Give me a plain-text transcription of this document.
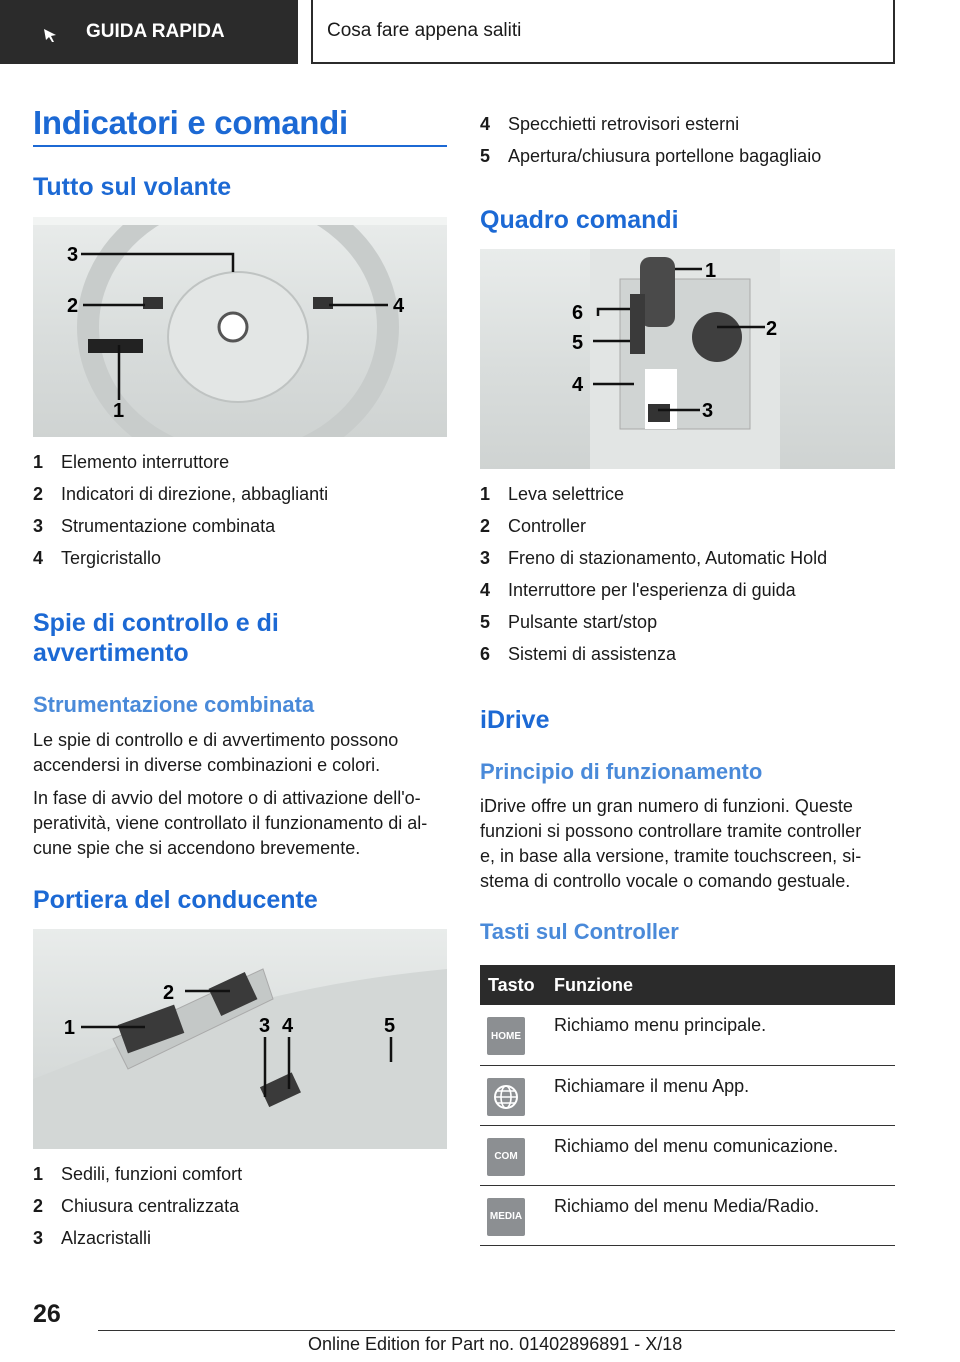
GUIDA RAPIDA	Cosa fare appena saliti
Indicatori e comandi
Tutto sul volante
3
2	4
1
1 Elemento interruttore
2 Indicatori di direzione, abbaglianti
3 Strumentazione combinata
4 Tergicristallo
Spie di controllo e di
avvertimento
Strumentazione combinata
Le spie di controllo e di avvertimento possono
accendersi in diverse combinazioni e colori.
In fase di avvio del motore o di attivazione dell'o-
peratività, viene controllato il funzionamento di al-
cune spie che si accendono brevemente.
Portiera del conducente
1
2
3 4	5
1 Sedili, funzioni comfort
2 Chiusura centralizzata
3 Alzacristalli
4 Specchietti retrovisori esterni
5 Apertura/chiusura portellone bagagliaio
Quadro comandi
1
2
6
5
4
3
1 Leva selettrice
2 Controller
3 Freno di stazionamento, Automatic Hold
4 Interruttore per l'esperienza di guida
5 Pulsante start/stop
6 Sistemi di assistenza
iDrive
Principio di funzionamento
iDrive offre un gran numero di funzioni. Queste
funzioni si possono controllare tramite controller
e, in base alla versione, tramite touchscreen, si-
stema di controllo vocale o comando gestuale.
Tasti sul Controller
Tasto	Funzione

HOME	Richiamo menu principale.

	Richiamare il menu App.

COM	Richiamo del menu comunicazione.

MEDIA	Richiamo del menu Media/Radio.
26
Online Edition for Part no. 01402896891 - X/18
